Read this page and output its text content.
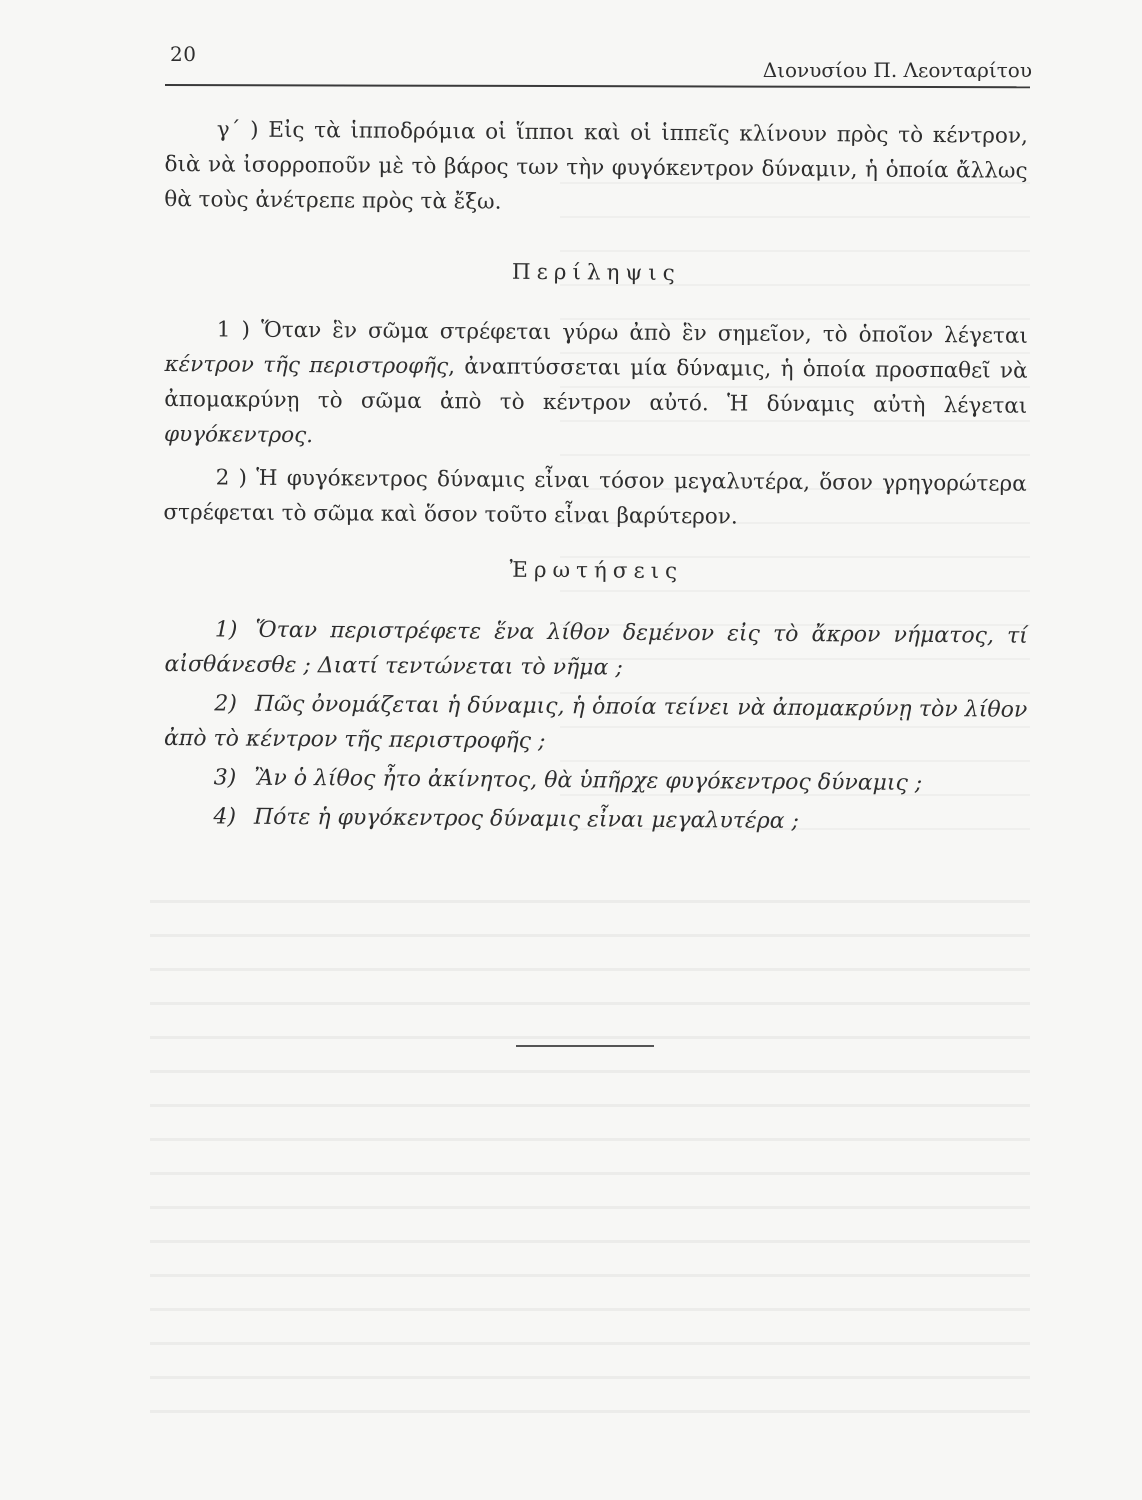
20
Διονυσίου Π. Λεονταρίτου

γ΄ ) Εἰς τὰ ἱπποδρόμια οἱ ἵπποι καὶ οἱ ἱππεῖς κλίνουν πρὸς τὸ κέντρον, διὰ νὰ ἰσορροποῦν μὲ τὸ βάρος των τὴν φυγόκεντρον δύναμιν, ἡ ὁποία ἄλλως θὰ τοὺς ἀνέτρεπε πρὸς τὰ ἔξω.

Περίληψις

1 ) Ὅταν ἓν σῶμα στρέφεται γύρω ἀπὸ ἓν σημεῖον, τὸ ὁποῖον λέγεται κέντρον τῆς περιστροφῆς, ἀναπτύσσεται μία δύναμις, ἡ ὁποία προσπαθεῖ νὰ ἀπομακρύνῃ τὸ σῶμα ἀπὸ τὸ κέντρον αὐτό. Ἡ δύναμις αὐτὴ λέγεται φυγόκεντρος.

2 ) Ἡ φυγόκεντρος δύναμις εἶναι τόσον μεγαλυτέρα, ὅσον γρηγορώτερα στρέφεται τὸ σῶμα καὶ ὅσον τοῦτο εἶναι βαρύτερον.

Ἐρωτήσεις

1) Ὅταν περιστρέφετε ἕνα λίθον δεμένον εἰς τὸ ἄκρον νήματος, τί αἰσθάνεσθε ; Διατί τεντώνεται τὸ νῆμα ;

2) Πῶς ὀνομάζεται ἡ δύναμις, ἡ ὁποία τείνει νὰ ἀπομακρύνῃ τὸν λίθον ἀπὸ τὸ κέντρον τῆς περιστροφῆς ;

3) Ἂν ὁ λίθος ἦτο ἀκίνητος, θὰ ὑπῆρχε φυγόκεντρος δύναμις ;

4) Πότε ἡ φυγόκεντρος δύναμις εἶναι μεγαλυτέρα ;
